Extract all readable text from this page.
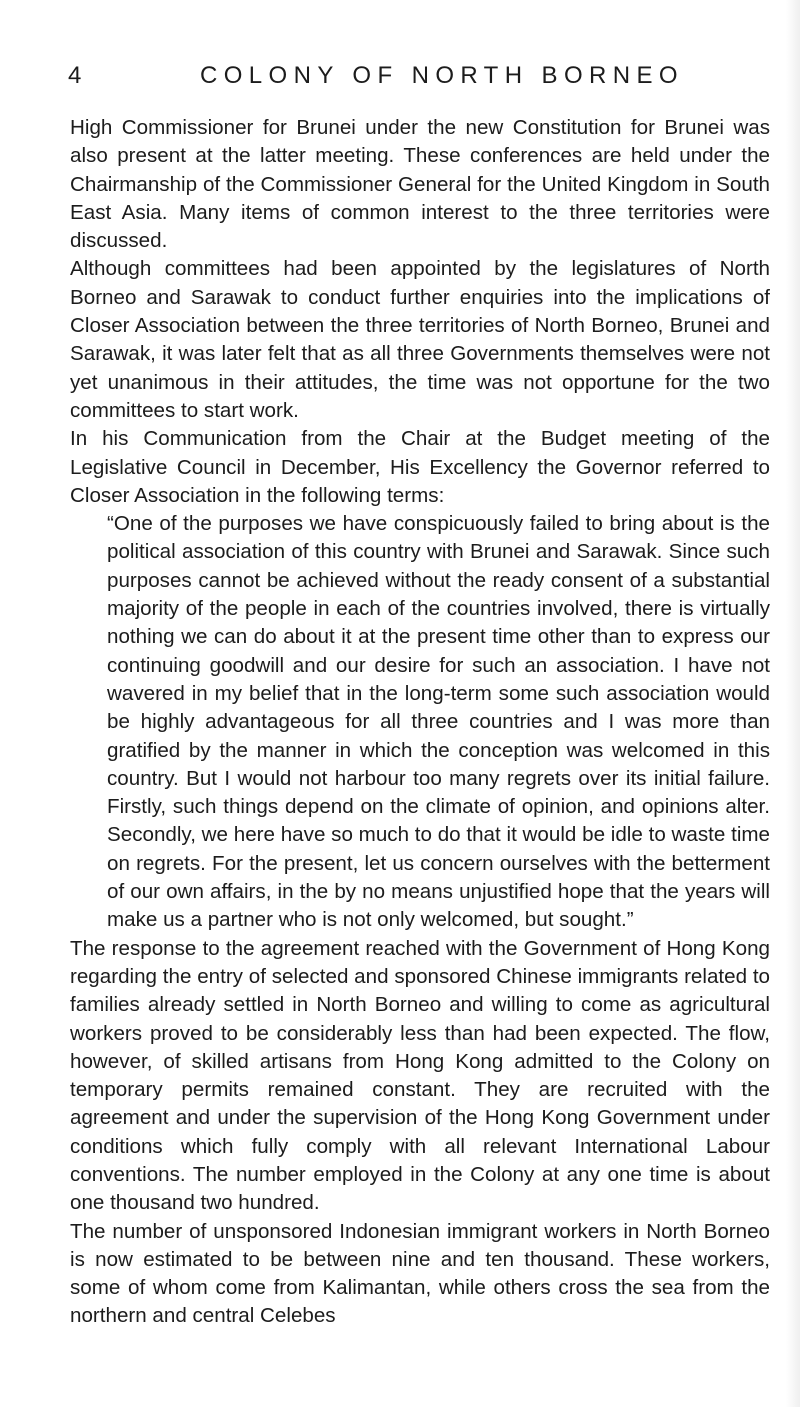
4	COLONY OF NORTH BORNEO

High Commissioner for Brunei under the new Constitution for Brunei was also present at the latter meeting. These conferences are held under the Chairmanship of the Commissioner General for the United Kingdom in South East Asia. Many items of common interest to the three territories were discussed.

Although committees had been appointed by the legislatures of North Borneo and Sarawak to conduct further enquiries into the implications of Closer Association between the three territories of North Borneo, Brunei and Sarawak, it was later felt that as all three Governments themselves were not yet unanimous in their attitudes, the time was not opportune for the two committees to start work.

In his Communication from the Chair at the Budget meeting of the Legislative Council in December, His Excellency the Governor referred to Closer Association in the following terms:

“One of the purposes we have conspicuously failed to bring about is the political association of this country with Brunei and Sarawak. Since such purposes cannot be achieved without the ready consent of a substantial majority of the people in each of the countries involved, there is virtually nothing we can do about it at the present time other than to express our continuing goodwill and our desire for such an association. I have not wavered in my belief that in the long-term some such association would be highly advantageous for all three countries and I was more than gratified by the manner in which the conception was welcomed in this country. But I would not harbour too many regrets over its initial failure. Firstly, such things depend on the climate of opinion, and opinions alter. Secondly, we here have so much to do that it would be idle to waste time on regrets. For the present, let us concern ourselves with the betterment of our own affairs, in the by no means unjustified hope that the years will make us a partner who is not only welcomed, but sought.”

The response to the agreement reached with the Government of Hong Kong regarding the entry of selected and sponsored Chinese immigrants related to families already settled in North Borneo and willing to come as agricultural workers proved to be considerably less than had been expected. The flow, however, of skilled artisans from Hong Kong admitted to the Colony on temporary permits remained constant. They are recruited with the agreement and under the supervision of the Hong Kong Government under conditions which fully comply with all relevant International Labour conventions. The number employed in the Colony at any one time is about one thousand two hundred.

The number of unsponsored Indonesian immigrant workers in North Borneo is now estimated to be between nine and ten thousand. These workers, some of whom come from Kalimantan, while others cross the sea from the northern and central Celebes
